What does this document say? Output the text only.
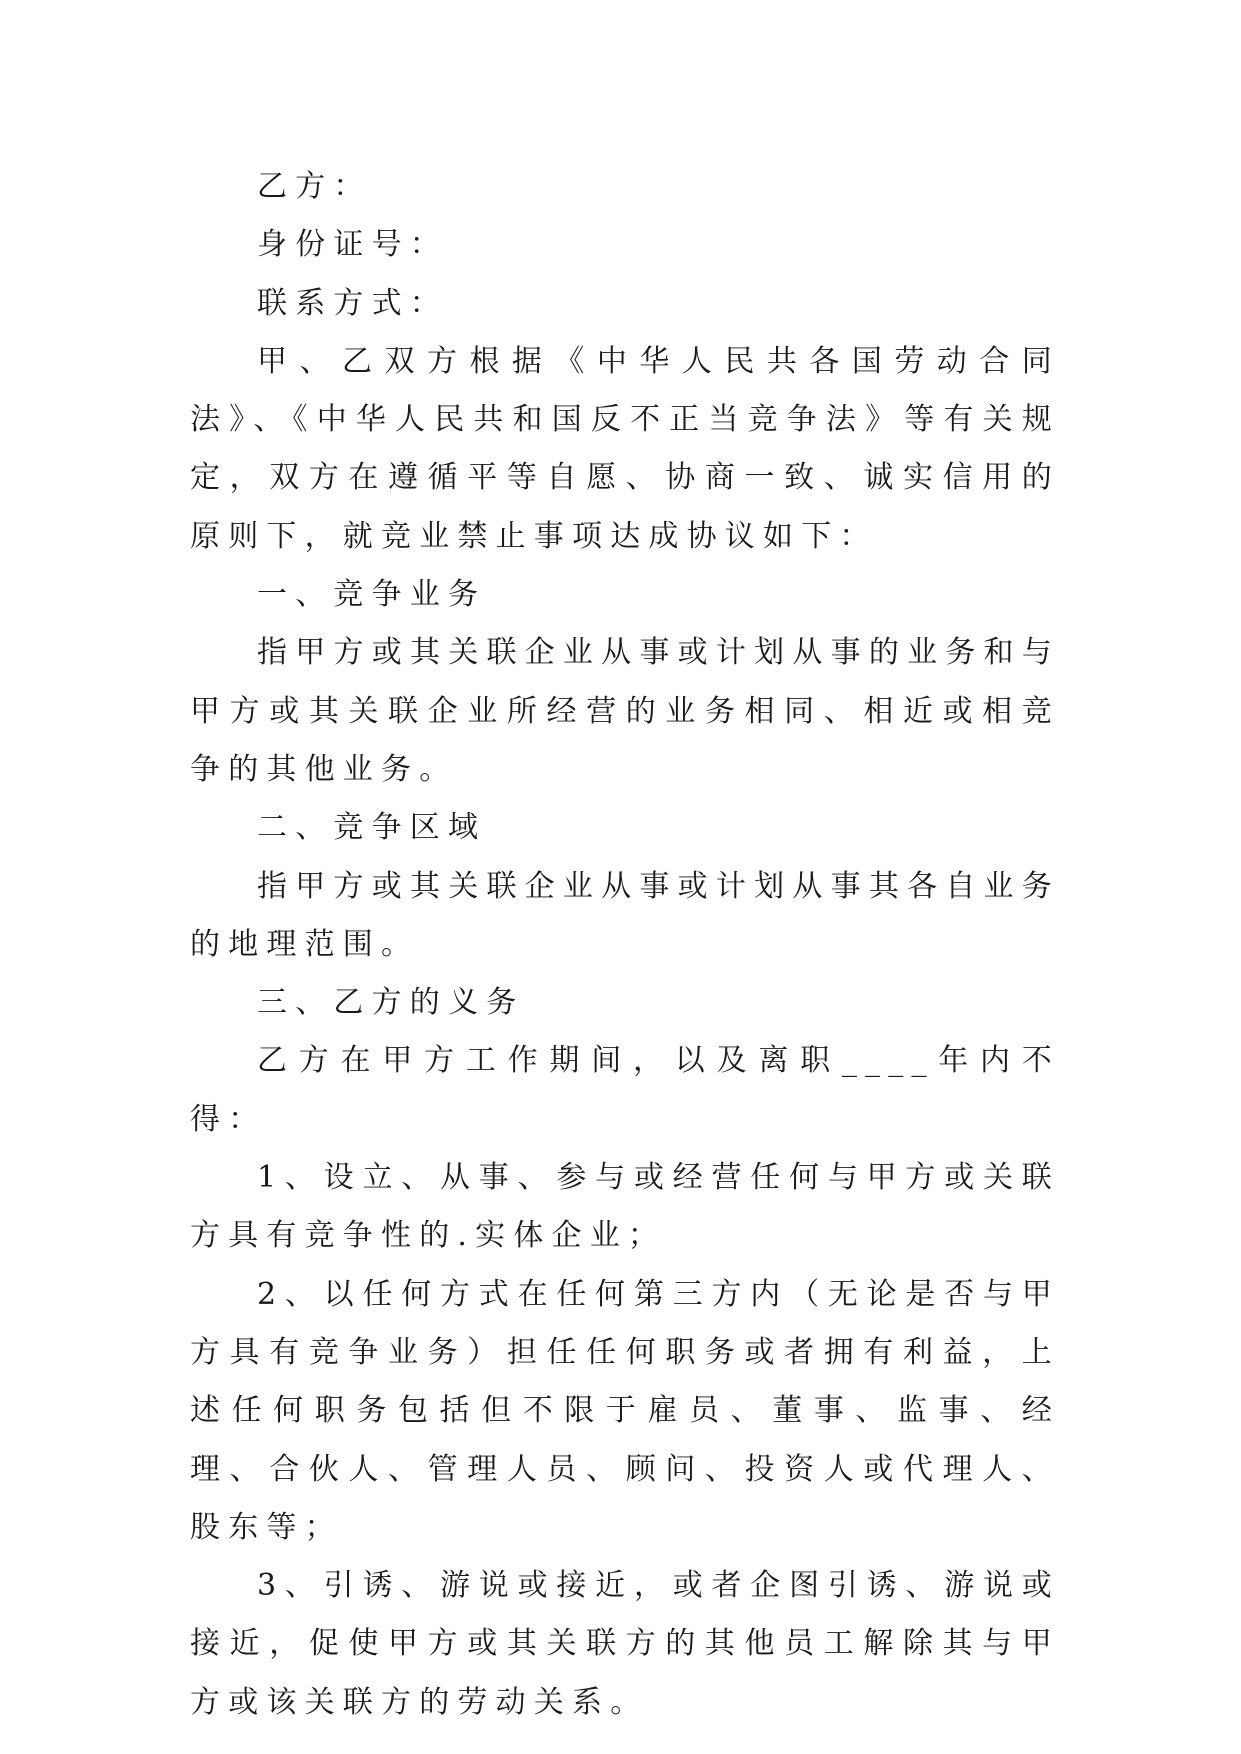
乙方：

身份证号：

联系方式：

甲、乙双方根据《中华人民共各国劳动合同法》、《中华人民共和国反不正当竞争法》等有关规定，双方在遵循平等自愿、协商一致、诚实信用的原则下，就竞业禁止事项达成协议如下：

一、竞争业务

指甲方或其关联企业从事或计划从事的业务和与甲方或其关联企业所经营的业务相同、相近或相竞争的其他业务。

二、竞争区域

指甲方或其关联企业从事或计划从事其各自业务的地理范围。

三、乙方的义务

乙方在甲方工作期间，以及离职____年内不得：

1、设立、从事、参与或经营任何与甲方或关联方具有竞争性的.实体企业；

2、以任何方式在任何第三方内（无论是否与甲方具有竞争业务）担任任何职务或者拥有利益，上述任何职务包括但不限于雇员、董事、监事、经理、合伙人、管理人员、顾问、投资人或代理人、股东等；

3、引诱、游说或接近，或者企图引诱、游说或接近，促使甲方或其关联方的其他员工解除其与甲方或该关联方的劳动关系。
